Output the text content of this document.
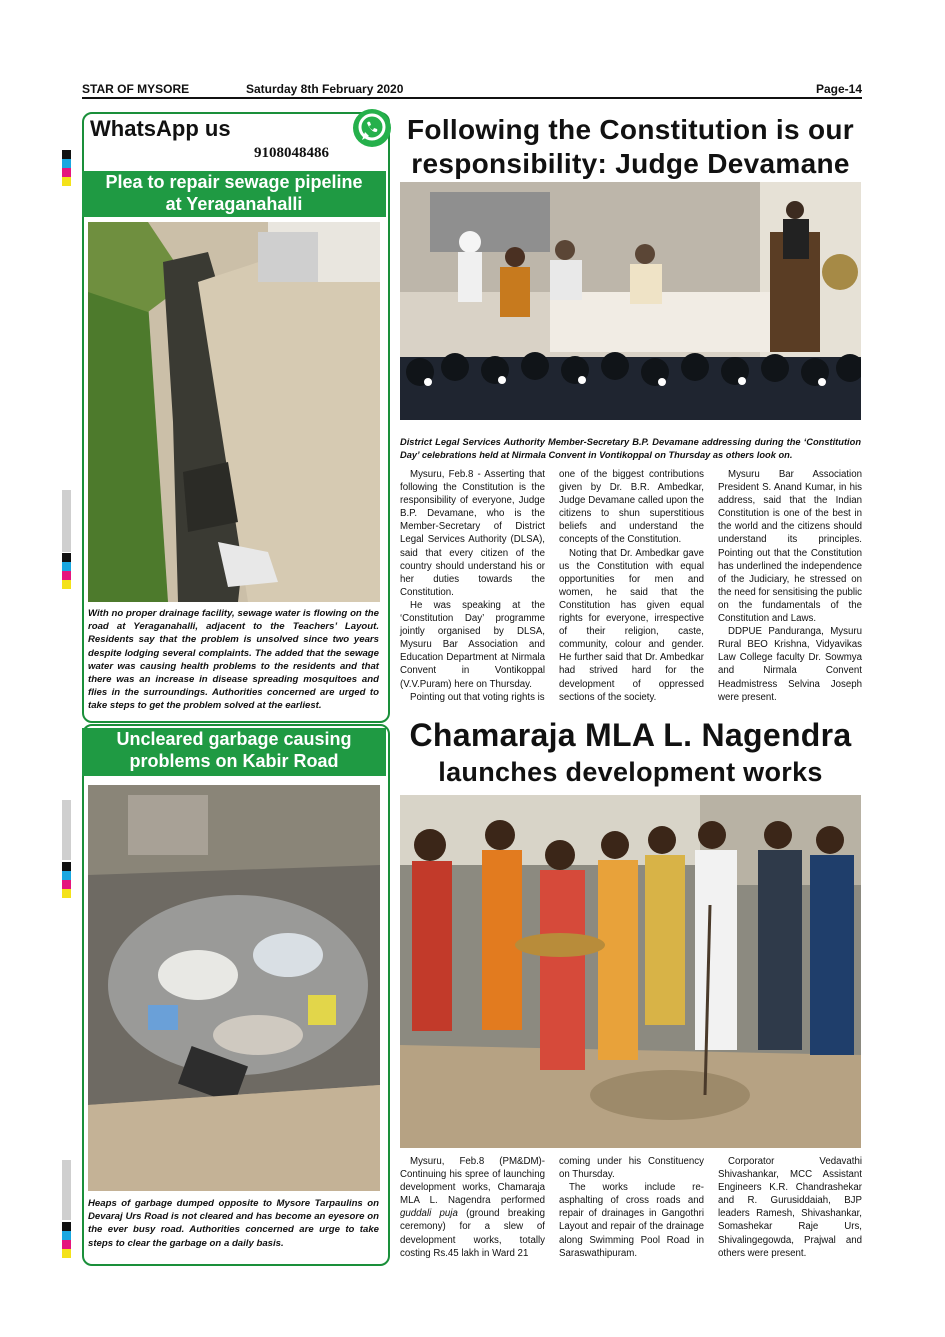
STAR OF MYSORE	Saturday 8th February 2020	Page-14
WhatsApp us
9108048486
Plea to repair sewage pipeline
at Yeraganahalli
With no proper drainage facility, sewage water is flowing on the road at Yeraganahalli, adjacent to the Teachers’ Layout. Residents say that the problem is unsolved since two years despite lodging several complaints. The added that the sewage water was causing health problems to the residents and that there was an increase in disease spreading mosquitoes and flies in the surroundings. Authorities concerned are urged to take steps to get the problem solved at the earliest.
Uncleared garbage causing
problems on Kabir Road
Heaps of garbage dumped opposite to Mysore Tarpaulins on Devaraj Urs Road is not cleared and has become an eyesore on the ever busy road. Authorities concerned are urge to take steps to clear the garbage on a daily basis.
Following the Constitution is our
responsibility: Judge Devamane
District Legal Services Authority Member-Secretary B.P. Devamane addressing during the ‘Constitution Day’ celebrations held at Nirmala Convent in Vontikoppal on Thursday as others look on.

Mysuru, Feb.8 - Asserting that following the Constitution is the responsibility of everyone, Judge B.P. Devamane, who is the Member-Secretary of District Legal Services Authority (DLSA), said that every citizen of the country should understand his or her duties towards the Constitution.

He was speaking at the ‘Constitution Day’ programme jointly organised by DLSA, Mysuru Bar Association and Education Department at Nirmala Convent in Vontikoppal (V.V.Puram) here on Thursday.

Pointing out that voting rights is

one of the biggest contributions given by Dr. B.R. Ambedkar, Judge Devamane called upon the citizens to shun superstitious beliefs and understand the concepts of the Constitution.

Noting that Dr. Ambedkar gave us the Constitution with equal opportunities for men and women, he said that the Constitution has given equal rights for everyone, irrespective of their religion, caste, community, colour and gender. He further said that Dr. Ambedkar had strived hard for the development of oppressed sections of the society.

Mysuru Bar Association President S. Anand Kumar, in his address, said that the Indian Constitution is one of the best in the world and the citizens should understand its principles. Pointing out that the Constitution has underlined the independence of the Judiciary, he stressed on the need for sensitising the public on the fundamentals of the Constitution and Laws.

DDPUE Panduranga, Mysuru Rural BEO Krishna, Vidyavikas Law College faculty Dr. Sowmya and Nirmala Convent Headmistress Selvina Joseph were present.

Chamaraja MLA L. Nagendra
launches development works

Mysuru, Feb.8 (PM&DM)- Continuing his spree of launching development works, Chamaraja MLA L. Nagendra performed guddali puja (ground breaking ceremony) for a slew of development works, totally costing Rs.45 lakh in Ward 21

coming under his Constituency on Thursday.

The works include re-asphalting of cross roads and repair of drainages in Gangothri Layout and repair of the drainage along Swimming Pool Road in Saraswathipuram.

Corporator Vedavathi Shivashankar, MCC Assistant Engineers K.R. Chandrashekar and R. Gurusiddaiah, BJP leaders Ramesh, Shivashankar, Somashekar Raje Urs, Shivalingegowda, Prajwal and others were present.
